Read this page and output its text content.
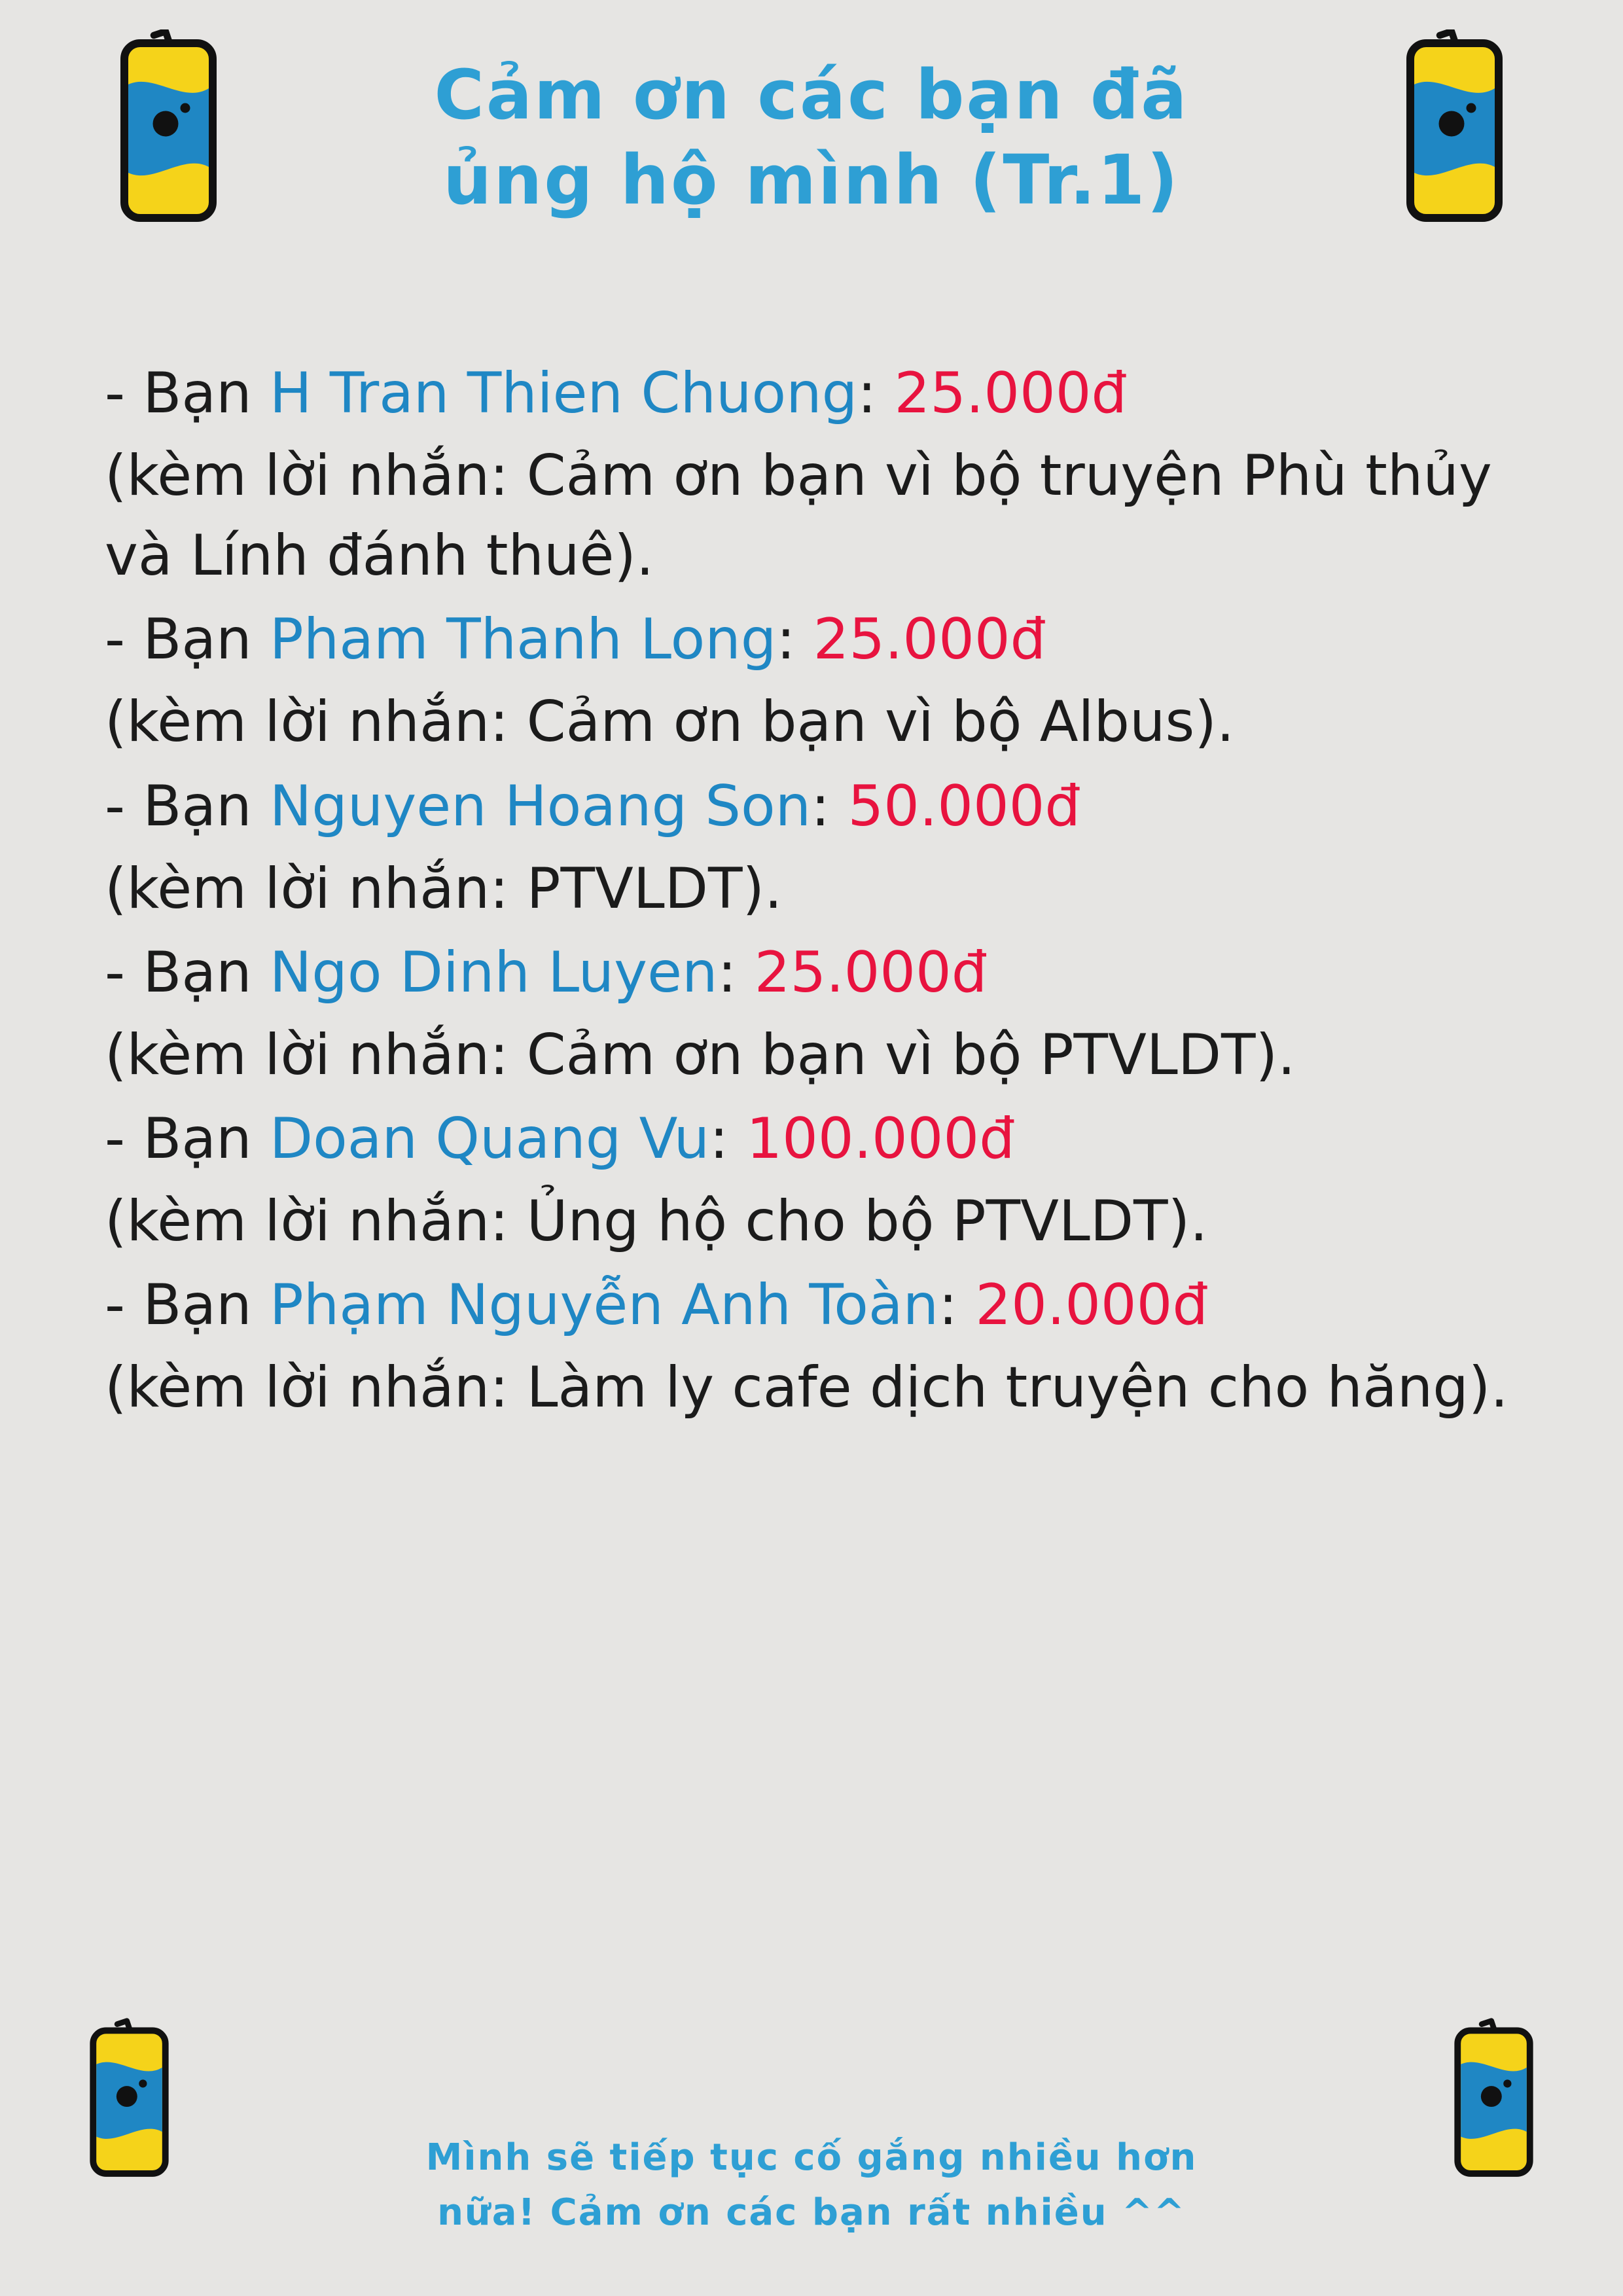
Cảm ơn các bạn đã
ủng hộ mình (Tr.1)
- Bạn H Tran Thien Chuong: 25.000đ
(kèm lời nhắn: Cảm ơn bạn vì bộ truyện Phù thủy và Lính đánh thuê).
- Bạn Pham Thanh Long: 25.000đ
(kèm lời nhắn: Cảm ơn bạn vì bộ Albus).
- Bạn Nguyen Hoang Son: 50.000đ
(kèm lời nhắn: PTVLDT).
- Bạn Ngo Dinh Luyen: 25.000đ
(kèm lời nhắn: Cảm ơn bạn vì bộ PTVLDT).
- Bạn Doan Quang Vu: 100.000đ
(kèm lời nhắn: Ủng hộ cho bộ PTVLDT).
- Bạn Phạm Nguyễn Anh Toàn: 20.000đ
(kèm lời nhắn: Làm ly cafe dịch truyện cho hăng).
Mình sẽ tiếp tục cố gắng nhiều hơn
nữa! Cảm ơn các bạn rất nhiều ^^
